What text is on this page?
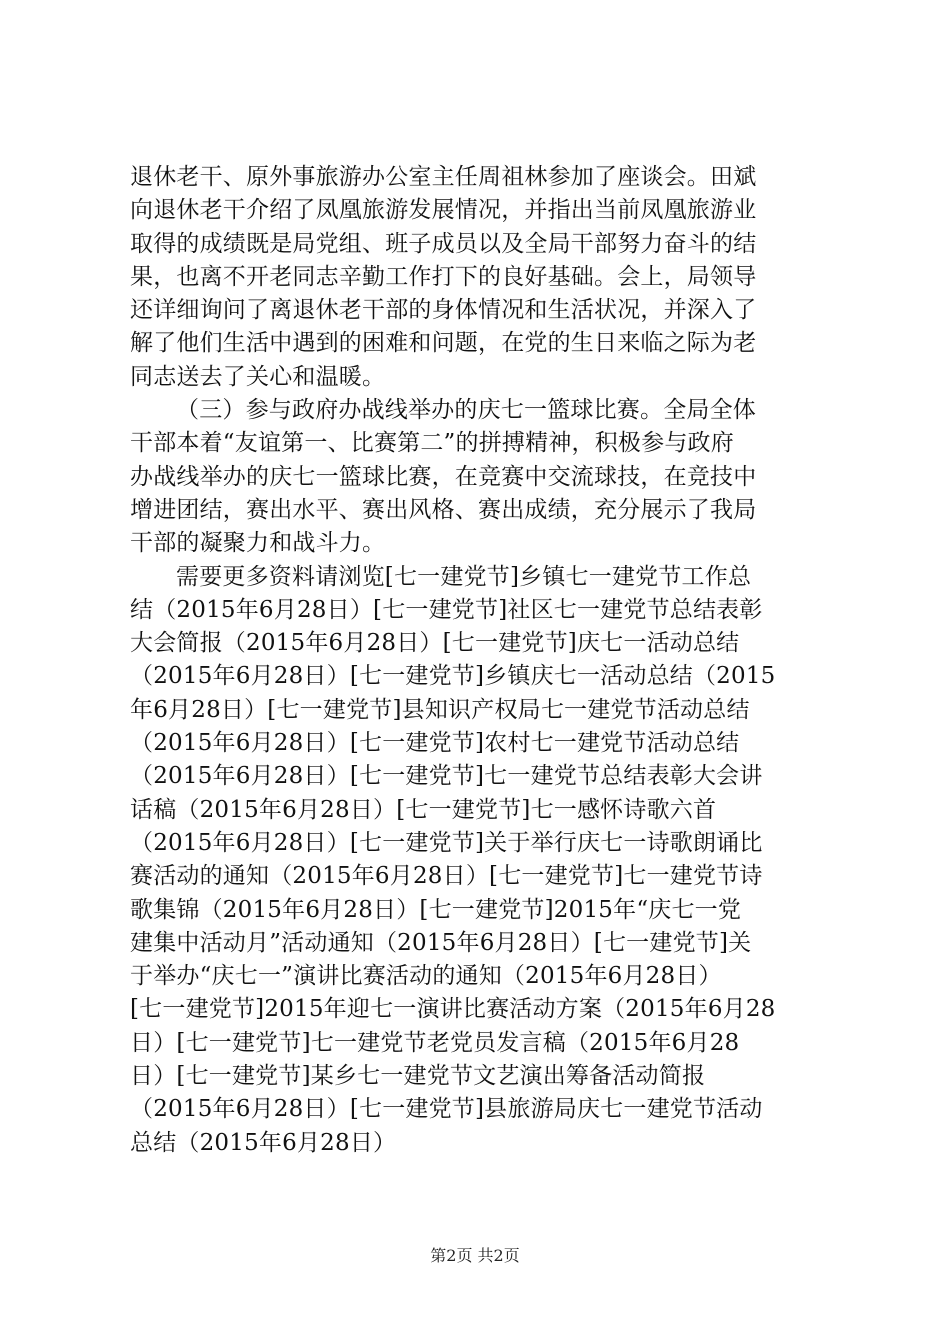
退休老干、原外事旅游办公室主任周祖林参加了座谈会。田斌
向退休老干介绍了凤凰旅游发展情况，并指出当前凤凰旅游业
取得的成绩既是局党组、班子成员以及全局干部努力奋斗的结
果，也离不开老同志辛勤工作打下的良好基础。会上，局领导
还详细询问了离退休老干部的身体情况和生活状况，并深入了
解了他们生活中遇到的困难和问题，在党的生日来临之际为老
同志送去了关心和温暖。
（三）参与政府办战线举办的庆七一篮球比赛。全局全体
干部本着“友谊第一、比赛第二”的拼搏精神，积极参与政府
办战线举办的庆七一篮球比赛，在竞赛中交流球技，在竞技中
增进团结，赛出水平、赛出风格、赛出成绩，充分展示了我局
干部的凝聚力和战斗力。
需要更多资料请浏览[七一建党节]乡镇七一建党节工作总
结（2015年6月28日）[七一建党节]社区七一建党节总结表彰
大会简报（2015年6月28日）[七一建党节]庆七一活动总结
（2015年6月28日）[七一建党节]乡镇庆七一活动总结（2015
年6月28日）[七一建党节]县知识产权局七一建党节活动总结
（2015年6月28日）[七一建党节]农村七一建党节活动总结
（2015年6月28日）[七一建党节]七一建党节总结表彰大会讲
话稿（2015年6月28日）[七一建党节]七一感怀诗歌六首
（2015年6月28日）[七一建党节]关于举行庆七一诗歌朗诵比
赛活动的通知（2015年6月28日）[七一建党节]七一建党节诗
歌集锦（2015年6月28日）[七一建党节]2015年“庆七一党
建集中活动月”活动通知（2015年6月28日）[七一建党节]关
于举办“庆七一”演讲比赛活动的通知（2015年6月28日）
[七一建党节]2015年迎七一演讲比赛活动方案（2015年6月28
日）[七一建党节]七一建党节老党员发言稿（2015年6月28
日）[七一建党节]某乡七一建党节文艺演出筹备活动简报
（2015年6月28日）[七一建党节]县旅游局庆七一建党节活动
总结（2015年6月28日）
第2页 共2页
